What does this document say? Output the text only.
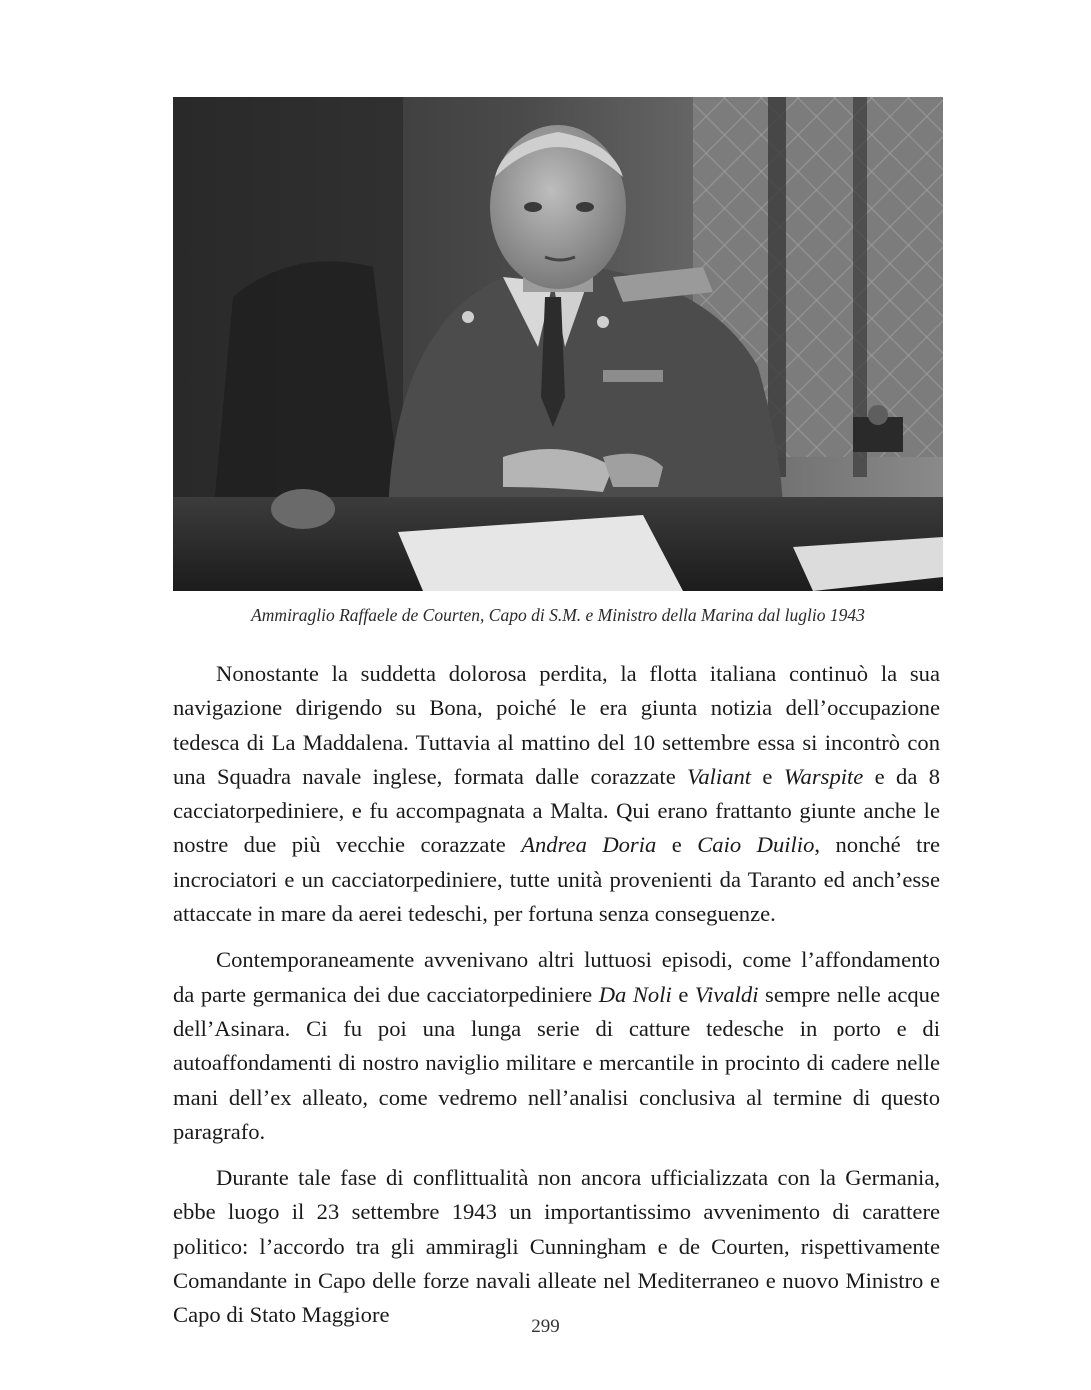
Ammiraglio Raffaele de Courten, Capo di S.M. e Ministro della Marina dal luglio 1943

Nonostante la suddetta dolorosa perdita, la flotta italiana continuò la sua navigazione dirigendo su Bona, poiché le era giunta notizia dell’occupazione tedesca di La Maddalena. Tuttavia al mattino del 10 settembre essa si incontrò con una Squadra navale inglese, formata dalle corazzate Valiant e Warspite e da 8 cacciatorpediniere, e fu accompagnata a Malta. Qui erano frattanto giunte anche le nostre due più vecchie corazzate Andrea Doria e Caio Duilio, nonché tre incrociatori e un cacciatorpediniere, tutte unità provenienti da Taranto ed anch’esse attaccate in mare da aerei tedeschi, per fortuna senza conseguenze.

Contemporaneamente avvenivano altri luttuosi episodi, come l’affondamento da parte germanica dei due cacciatorpediniere Da Noli e Vivaldi sempre nelle acque dell’Asinara. Ci fu poi una lunga serie di catture tedesche in porto e di autoaffondamenti di nostro naviglio militare e mercantile in procinto di cadere nelle mani dell’ex alleato, come vedremo nell’analisi conclusiva al termine di questo paragrafo.

Durante tale fase di conflittualità non ancora ufficializzata con la Germania, ebbe luogo il 23 settembre 1943 un importantissimo avvenimento di carattere politico: l’accordo tra gli ammiragli Cunningham e de Courten, rispettivamente Comandante in Capo delle forze navali alleate nel Mediterraneo e nuovo Ministro e Capo di Stato Maggiore	299
